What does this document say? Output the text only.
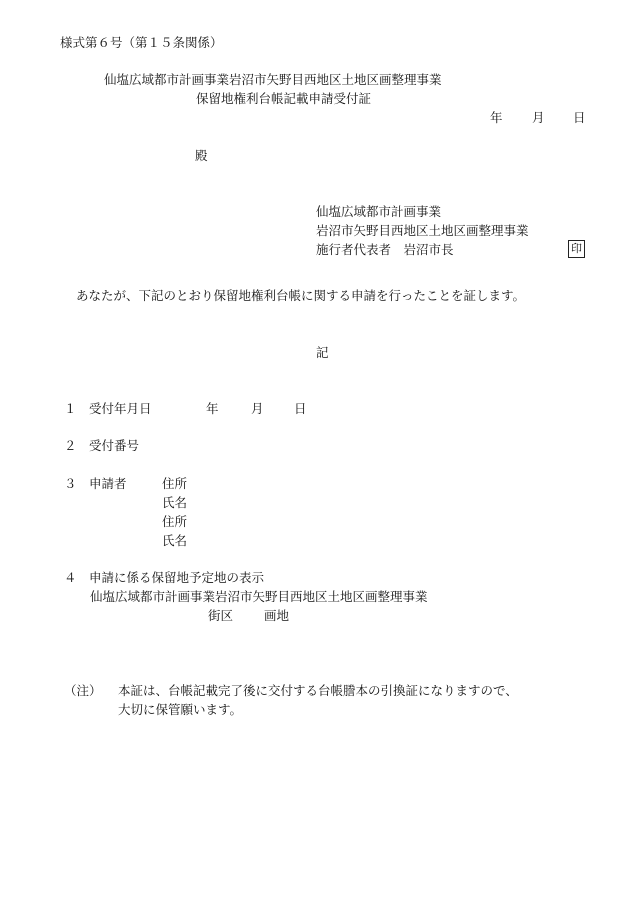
様式第６号（第１５条関係）
仙塩広域都市計画事業岩沼市矢野目西地区土地区画整理事業
保留地権利台帳記載申請受付証
年 月 日
殿
仙塩広域都市計画事業
岩沼市矢野目西地区土地区画整理事業
施行者代表者　岩沼市長	印
あなたが、下記のとおり保留地権利台帳に関する申請を行ったことを証します。
記
１　受付年月日	年	月 日
２　受付番号
３　申請者	住所
氏名
住所
氏名
４　申請に係る保留地予定地の表示
仙塩広域都市計画事業岩沼市矢野目西地区土地区画整理事業
街区 画地
（注） 本証は、台帳記載完了後に交付する台帳謄本の引換証になりますので、
大切に保管願います。
